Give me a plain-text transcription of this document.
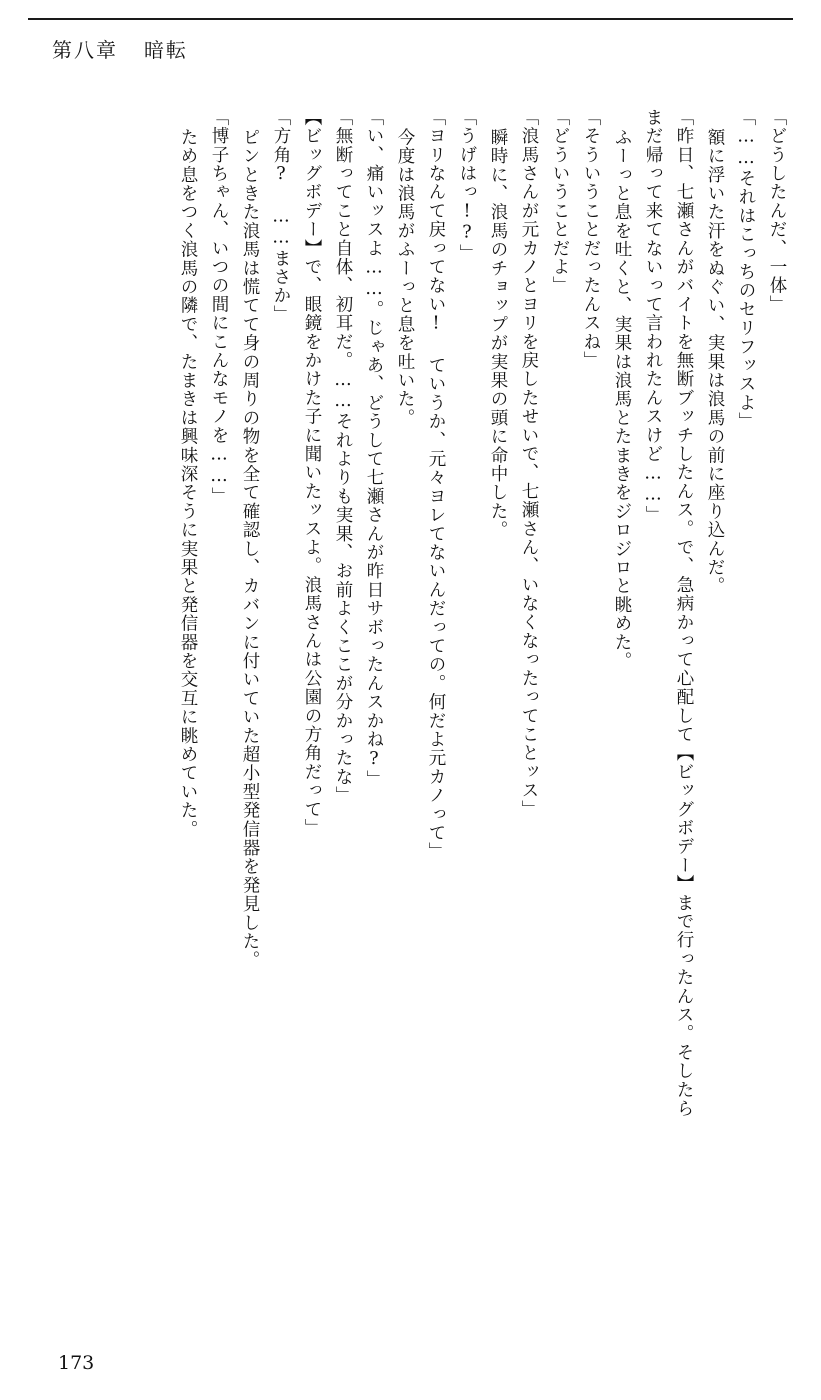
第八章 暗転
「どうしたんだ、一体」
「……それはこっちのセリフッスよ」
額に浮いた汗をぬぐい、実果は浪馬の前に座り込んだ。
「昨日、七瀬さんがバイトを無断ブッチしたんス。で、急病かって心配して【ビッグボデー】まで行ったんス。そしたら
まだ帰って来てないって言われたんスけど……」
ふーっと息を吐くと、実果は浪馬とたまきをジロジロと眺めた。
「そういうことだったんスね」
「どういうことだよ」
「浪馬さんが元カノとヨリを戻したせいで、七瀬さん、いなくなったってことッス」
瞬時に、浪馬のチョップが実果の頭に命中した。
「うげはっ!?」
「ヨリなんて戻ってない! ていうか、元々ヨレてないんだっての。何だよ元カノって」
今度は浪馬がふーっと息を吐いた。
「い、痛いッスよ……。じゃあ、どうして七瀬さんが昨日サボったんスかね?」
「無断ってこと自体、初耳だ。……それよりも実果、お前よくここが分かったな」
【ビッグボデー】で、眼鏡をかけた子に聞いたッスよ。浪馬さんは公園の方角だって」
「方角? ……まさか」
ピンときた浪馬は慌てて身の周りの物を全て確認し、カバンに付いていた超小型発信器を発見した。
「博子ちゃん、いつの間にこんなモノを……」
ため息をつく浪馬の隣で、たまきは興味深そうに実果と発信器を交互に眺めていた。
173
